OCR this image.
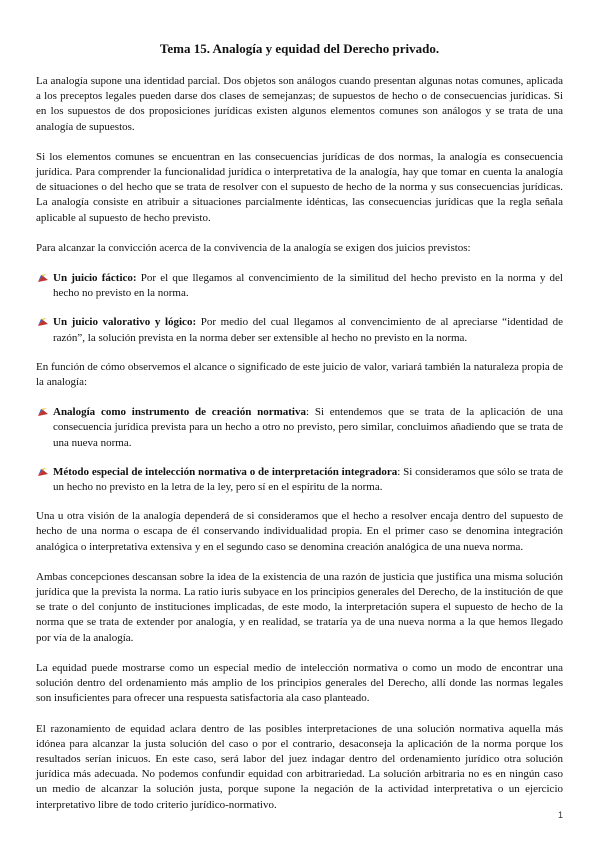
Tema 15. Analogía y equidad del Derecho privado.

La analogía supone una identidad parcial. Dos objetos son análogos cuando presentan algunas notas comunes, aplicada a los preceptos legales pueden darse dos clases de semejanzas; de supuestos de hecho o de consecuencias jurídicas. Si en los supuestos de dos proposiciones jurídicas existen algunos elementos comunes son análogos y se trata de una analogía de supuestos.

Si los elementos comunes se encuentran en las consecuencias jurídicas de dos normas, la analogía es consecuencia jurídica. Para comprender la funcionalidad jurídica o interpretativa de la analogía, hay que tomar en cuenta la analogía de situaciones o del hecho que se trata de resolver con el supuesto de hecho de la norma y sus consecuencias jurídicas. La analogía consiste en atribuir a situaciones parcialmente idénticas, las consecuencias jurídicas que la regla señala aplicable al supuesto de hecho previsto.

Para alcanzar la convicción acerca de la convivencia de la analogía se exigen dos juicios previstos:

Un juicio fáctico: Por el que llegamos al convencimiento de la similitud del hecho previsto en la norma y del hecho no previsto en la norma.
Un juicio valorativo y lógico: Por medio del cual llegamos al convencimiento de al apreciarse “identidad de razón”, la solución prevista en la norma deber ser extensible al hecho no previsto en la norma.

En función de cómo observemos el alcance o significado de este juicio de valor, variará también la naturaleza propia de la analogía:

Analogía como instrumento de creación normativa: Si entendemos que se trata de la aplicación de una consecuencia jurídica prevista para un hecho a otro no previsto, pero similar, concluimos añadiendo que se trata de una nueva norma.
Método especial de intelección normativa o de interpretación integradora: Si consideramos que sólo se trata de un hecho no previsto en la letra de la ley, pero sí en el espíritu de la norma.

Una u otra visión de la analogía dependerá de si consideramos que el hecho a resolver encaja dentro del supuesto de hecho de una norma o escapa de él conservando individualidad propia. En el primer caso se denomina integración analógica o interpretativa extensiva y en el segundo caso se denomina creación analógica de una nueva norma.

Ambas concepciones descansan sobre la idea de la existencia de una razón de justicia que justifica una misma solución jurídica que la prevista la norma. La ratio iuris subyace en los principios generales del Derecho, de la institución de que se trate o del conjunto de instituciones implicadas, de este modo, la interpretación supera el supuesto de hecho de la norma que se trata de extender por analogía, y en realidad, se trataría ya de una nueva norma a la que hemos llegado por vía de la analogía.

La equidad puede mostrarse como un especial medio de intelección normativa o como un modo de encontrar una solución dentro del ordenamiento más amplio de los principios generales del Derecho, allí donde las normas legales son insuficientes para ofrecer una respuesta satisfactoria ala caso planteado.

El razonamiento de equidad aclara dentro de las posibles interpretaciones de una solución normativa aquella más idónea para alcanzar la justa solución del caso o por el contrario, desaconseja la aplicación de la norma porque los resultados serían inicuos. En este caso, será labor del juez indagar dentro del ordenamiento jurídico otra solución jurídica más adecuada. No podemos confundir equidad con arbitrariedad. La solución arbitraria no es en ningún caso un medio de alcanzar la solución justa, porque supone la negación de la actividad interpretativa o un ejercicio interpretativo libre de todo criterio jurídico-normativo.

1
